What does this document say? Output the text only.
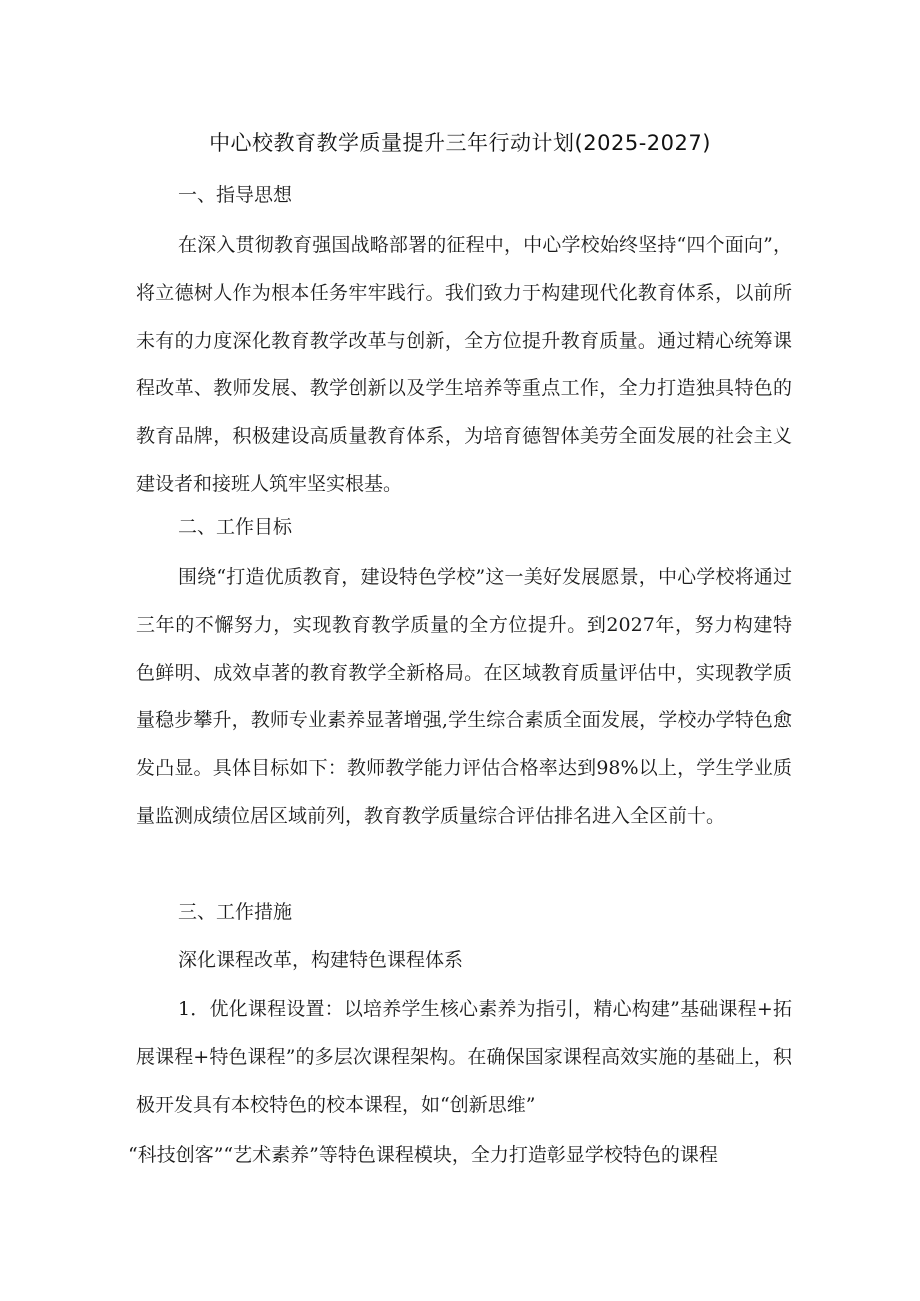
中心校教育教学质量提升三年行动计划(2025-2027)
一、指导思想

在深入贯彻教育强国战略部署的征程中，中心学校始终坚持“四个面向”，将立德树人作为根本任务牢牢践行。我们致力于构建现代化教育体系，以前所未有的力度深化教育教学改革与创新，全方位提升教育质量。通过精心统筹课程改革、教师发展、教学创新以及学生培养等重点工作，全力打造独具特色的教育品牌，积极建设高质量教育体系，为培育德智体美劳全面发展的社会主义建设者和接班人筑牢坚实根基。

二、工作目标

围绕“打造优质教育，建设特色学校”这一美好发展愿景，中心学校将通过三年的不懈努力，实现教育教学质量的全方位提升。到2027年，努力构建特色鲜明、成效卓著的教育教学全新格局。在区域教育质量评估中，实现教学质量稳步攀升，教师专业素养显著增强,学生综合素质全面发展，学校办学特色愈发凸显。具体目标如下：教师教学能力评估合格率达到98%以上，学生学业质量监测成绩位居区域前列，教育教学质量综合评估排名进入全区前十。

三、工作措施
深化课程改革，构建特色课程体系

1．优化课程设置：以培养学生核心素养为指引，精心构建”基础课程+拓展课程+特色课程”的多层次课程架构。在确保国家课程高效实施的基础上，积极开发具有本校特色的校本课程，如“创新思维”

“科技创客”“艺术素养”等特色课程模块，全力打造彰显学校特色的课程
